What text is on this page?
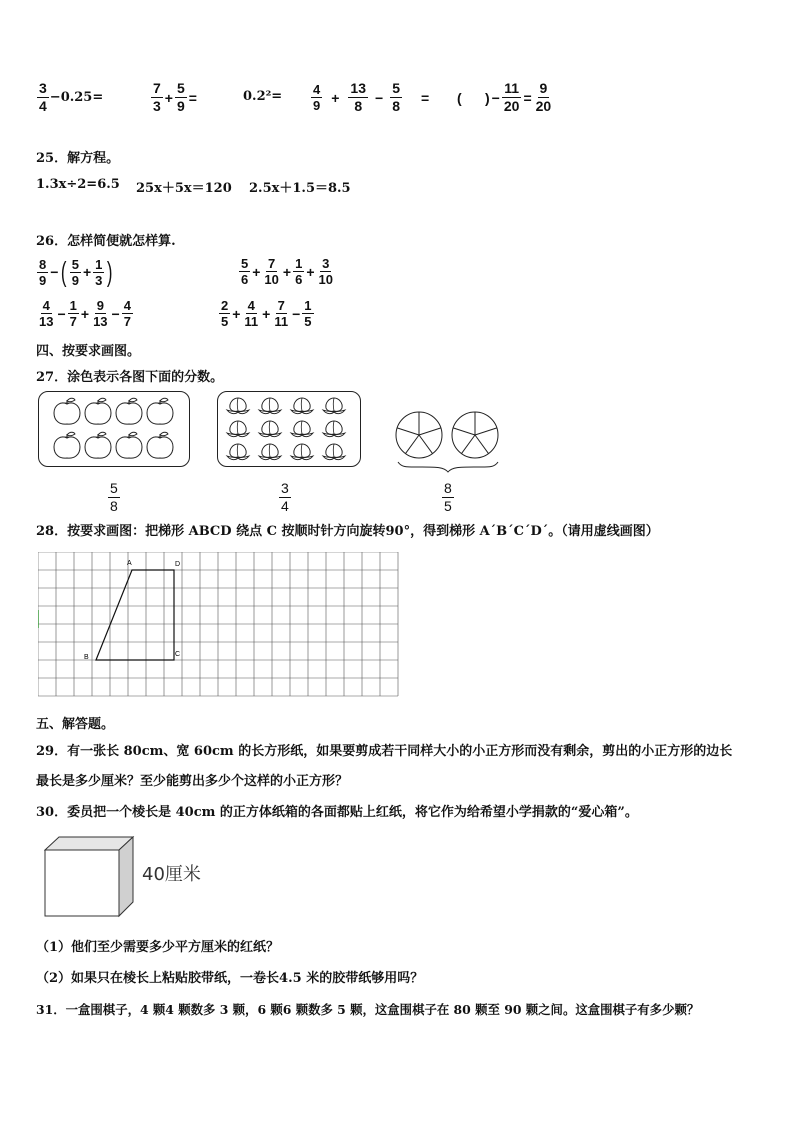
$\frac{3}{4} -0.25=$	$\frac{7}{3} + \frac{5}{9}$ =	$0.2^2= \frac{4}{9} + \frac{13}{8} - \frac{5}{8}$ = (      ) − $\frac{11}{20} = \frac{9}{20}$
25．解方程。
1.3x÷2=6.5 25x＋5x＝120 2.5x＋1.5＝8.5
26．怎样简便就怎样算.
$\frac{8}{9}$ − ( $\frac{5}{9} + \frac{1}{3}$ )	$\frac{5}{6} + \frac{7}{10} + \frac{1}{6} + \frac{3}{10}$
$\frac{4}{13} - \frac{1}{7} + \frac{9}{13} - \frac{4}{7}$	$\frac{2}{5} + \frac{4}{11} + \frac{7}{11} - \frac{1}{5}$
四、按要求画图。
27．涂色表示各图下面的分数。
$\frac{5}{8}$	$\frac{3}{4}$	$\frac{8}{5}$
28．按要求画图：把梯形 ABCD 绕点 C 按顺时针方向旋转90°，得到梯形 A´B´C´D´。（请用虚线画图）
A	D
B	C
五、解答题。
29．有一张长 80cm、宽 60cm 的长方形纸，如果要剪成若干同样大小的小正方形而没有剩余，剪出的小正方形的边长
最长是多少厘米？至少能剪出多少个这样的小正方形？
30．委员把一个棱长是 40cm 的正方体纸箱的各面都贴上红纸，将它作为给希望小学捐款的“爱心箱”。
40厘米
（1）他们至少需要多少平方厘米的红纸？
（2）如果只在棱长上粘贴胶带纸，一卷长4.5 米的胶带纸够用吗？
31．一盒围棋子，4 颗4 颗数多 3 颗，6 颗6 颗数多 5 颗，这盒围棋子在 80 颗至 90 颗之间。这盒围棋子有多少颗？
